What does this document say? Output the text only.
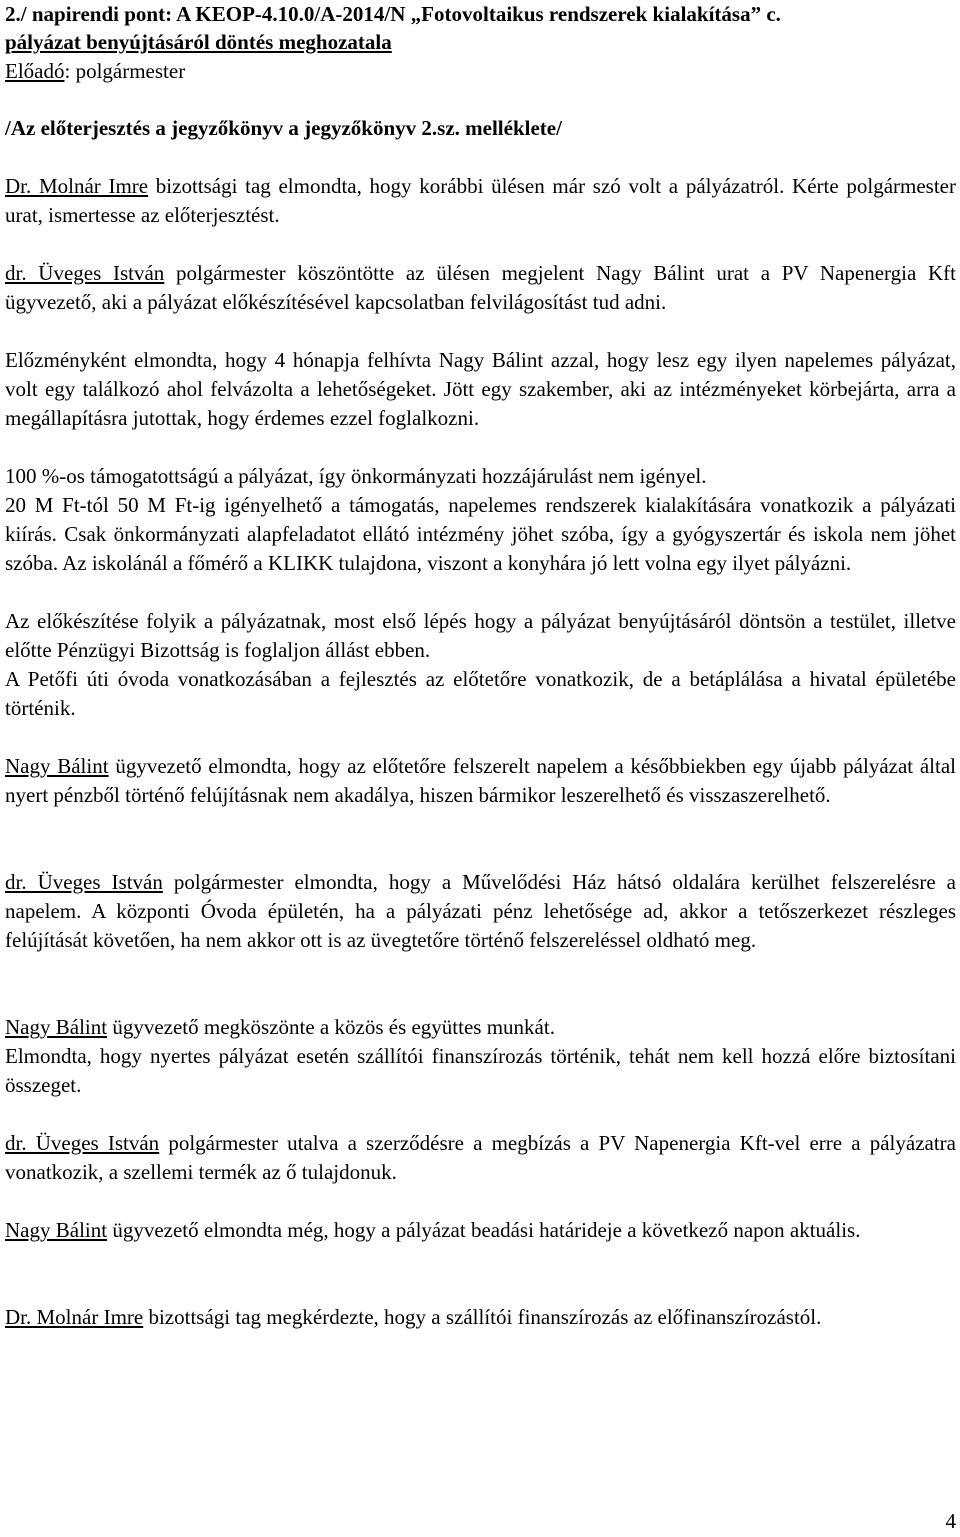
2./ napirendi pont: A KEOP-4.10.0/A-2014/N „Fotovoltaikus rendszerek kialakítása” c.
pályázat benyújtásáról döntés meghozatala
Előadó: polgármester
/Az előterjesztés a jegyzőkönyv a jegyzőkönyv 2.sz. melléklete/
Dr. Molnár Imre bizottsági tag elmondta, hogy korábbi ülésen már szó volt a pályázatról. Kérte polgármester urat, ismertesse az előterjesztést.
dr. Üveges István polgármester köszöntötte az ülésen megjelent Nagy Bálint urat a PV Napenergia Kft ügyvezető, aki a pályázat előkészítésével kapcsolatban felvilágosítást tud adni.
Előzményként elmondta, hogy 4 hónapja felhívta Nagy Bálint azzal, hogy lesz egy ilyen napelemes pályázat, volt egy találkozó ahol felvázolta a lehetőségeket. Jött egy szakember, aki az intézményeket körbejárta, arra a megállapításra jutottak, hogy érdemes ezzel foglalkozni.
100 %-os támogatottságú a pályázat, így önkormányzati hozzájárulást nem igényel.
20 M Ft-tól 50 M Ft-ig igényelhető a támogatás, napelemes rendszerek kialakítására vonatkozik a pályázati kiírás. Csak önkormányzati alapfeladatot ellátó intézmény jöhet szóba, így a gyógyszertár és iskola nem jöhet szóba. Az iskolánál a főmérő a KLIKK tulajdona, viszont a konyhára jó lett volna egy ilyet pályázni.
Az előkészítése folyik a pályázatnak, most első lépés hogy a pályázat benyújtásáról döntsön a testület, illetve előtte Pénzügyi Bizottság is foglaljon állást ebben.
A Petőfi úti óvoda vonatkozásában a fejlesztés az előtetőre vonatkozik, de a betáplálása a hivatal épületébe történik.
Nagy Bálint ügyvezető elmondta, hogy az előtetőre felszerelt napelem a későbbiekben egy újabb pályázat által nyert pénzből történő felújításnak nem akadálya, hiszen bármikor leszerelhető és visszaszerelhető.
dr. Üveges István polgármester elmondta, hogy a Művelődési Ház hátsó oldalára kerülhet felszerelésre a napelem. A központi Óvoda épületén, ha a pályázati pénz lehetősége ad, akkor a tetőszerkezet részleges felújítását követően, ha nem akkor ott is az üvegtetőre történő felszereléssel oldható meg.
Nagy Bálint ügyvezető megköszönte a közös és együttes munkát.
Elmondta, hogy nyertes pályázat esetén szállítói finanszírozás történik, tehát nem kell hozzá előre biztosítani összeget.
dr. Üveges István polgármester utalva a szerződésre a megbízás a PV Napenergia Kft-vel erre a pályázatra vonatkozik, a szellemi termék az ő tulajdonuk.
Nagy Bálint ügyvezető elmondta még, hogy a pályázat beadási határideje a következő napon aktuális.
Dr. Molnár Imre bizottsági tag megkérdezte, hogy a szállítói finanszírozás az előfinanszírozástól.
4
